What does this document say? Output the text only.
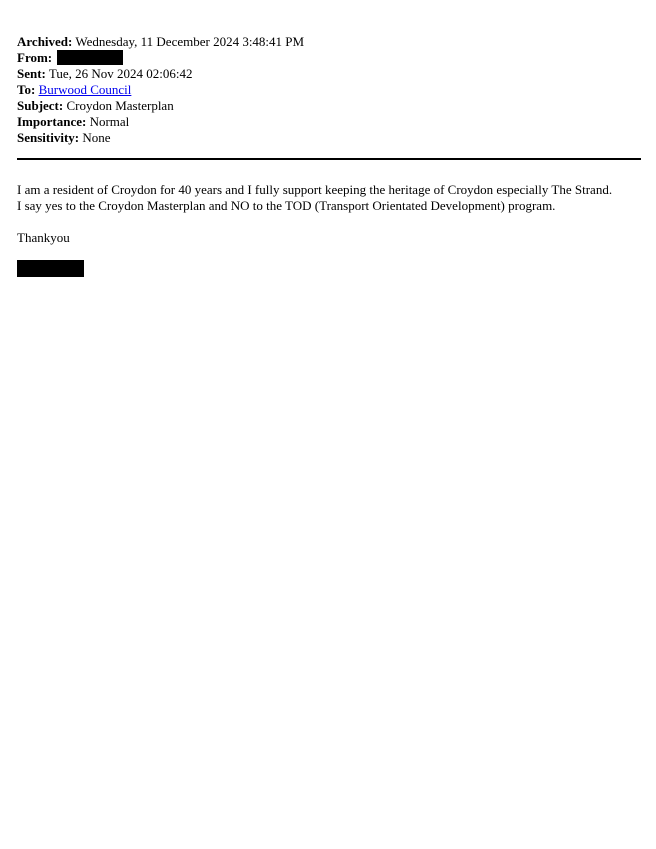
Archived: Wednesday, 11 December 2024 3:48:41 PM
From:
Sent: Tue, 26 Nov 2024 02:06:42
To: Burwood Council
Subject: Croydon Masterplan
Importance: Normal
Sensitivity: None
I am a resident of Croydon for 40 years and I fully support keeping the heritage of Croydon especially The Strand.
I say yes to the Croydon Masterplan and NO to the TOD (Transport Orientated Development) program.
Thankyou
